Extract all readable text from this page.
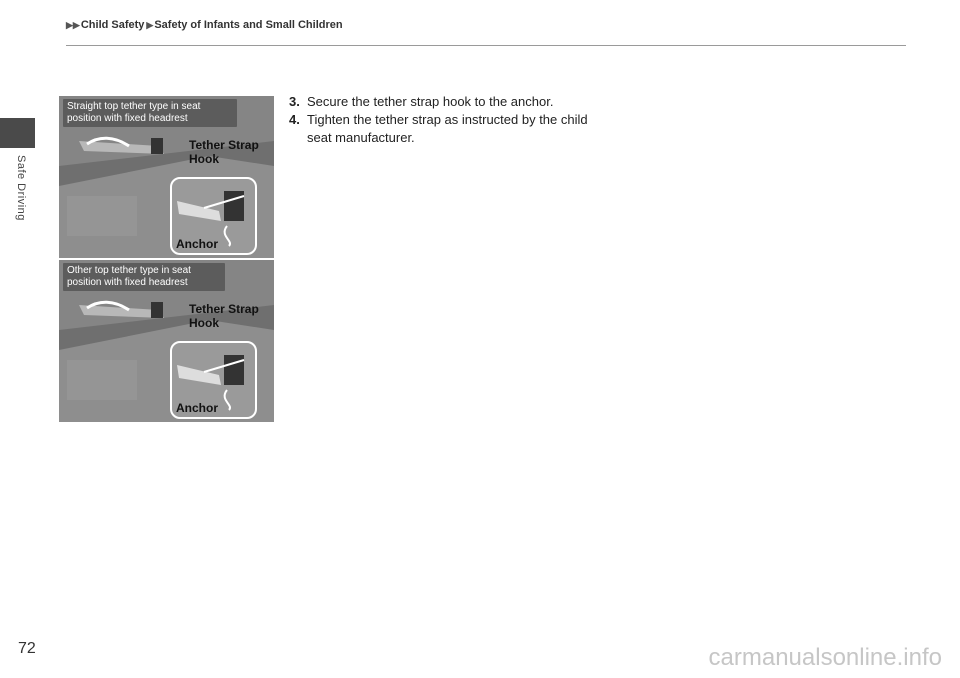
▶▶ Child Safety ▶ Safety of Infants and Small Children
Safe Driving
Straight top tether type in seat position with fixed headrest
Tether Strap Hook
Anchor
Other top tether type in seat position with fixed headrest
Tether Strap Hook
Anchor
3. Secure the tether strap hook to the anchor.
4. Tighten the tether strap as instructed by the child seat manufacturer.
72	carmanualsonline.info
